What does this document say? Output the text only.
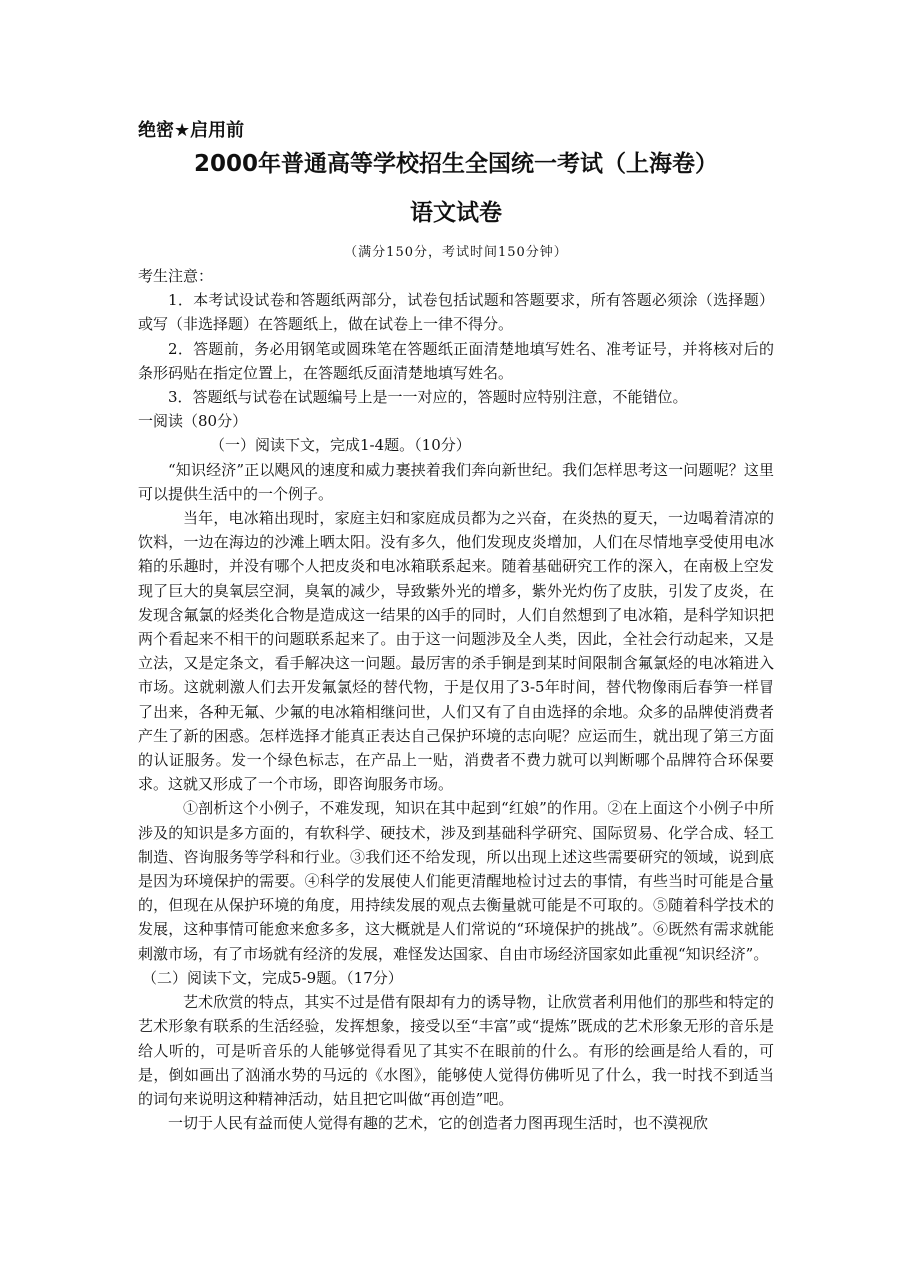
绝密★启用前
2000年普通高等学校招生全国统一考试（上海卷）
语文试卷
（满分150分，考试时间150分钟）

考生注意：

1．本考试设试卷和答题纸两部分，试卷包括试题和答题要求，所有答题必须涂（选择题）或写（非选择题）在答题纸上，做在试卷上一律不得分。

2．答题前，务必用钢笔或圆珠笔在答题纸正面清楚地填写姓名、准考证号，并将核对后的条形码贴在指定位置上，在答题纸反面清楚地填写姓名。

3．答题纸与试卷在试题编号上是一一对应的，答题时应特别注意，不能错位。

一阅读（80分）

（一）阅读下文，完成1-4题。（10分）

“知识经济”正以飓风的速度和威力裹挟着我们奔向新世纪。我们怎样思考这一问题呢？这里可以提供生活中的一个例子。

当年，电冰箱出现时，家庭主妇和家庭成员都为之兴奋，在炎热的夏天，一边喝着清凉的饮料，一边在海边的沙滩上晒太阳。没有多久，他们发现皮炎增加，人们在尽情地享受使用电冰箱的乐趣时，并没有哪个人把皮炎和电冰箱联系起来。随着基础研究工作的深入，在南极上空发现了巨大的臭氧层空洞，臭氧的减少，导致紫外光的增多，紫外光灼伤了皮肤，引发了皮炎，在发现含氟氯的烃类化合物是造成这一结果的凶手的同时，人们自然想到了电冰箱，是科学知识把两个看起来不相干的问题联系起来了。由于这一问题涉及全人类，因此，全社会行动起来，又是立法，又是定条文，看手解决这一问题。最厉害的杀手锏是到某时间限制含氟氯烃的电冰箱进入市场。这就刺激人们去开发氟氯烃的替代物，于是仅用了3-5年时间，替代物像雨后春笋一样冒了出来，各种无氟、少氟的电冰箱相继问世，人们又有了自由选择的余地。众多的品牌使消费者产生了新的困惑。怎样选择才能真正表达自己保护环境的志向呢？应运而生，就出现了第三方面的认证服务。发一个绿色标志，在产品上一贴，消费者不费力就可以判断哪个品牌符合环保要求。这就又形成了一个市场，即咨询服务市场。

①剖析这个小例子，不难发现，知识在其中起到“红娘”的作用。②在上面这个小例子中所涉及的知识是多方面的，有软科学、硬技术，涉及到基础科学研究、国际贸易、化学合成、轻工制造、咨询服务等学科和行业。③我们还不给发现，所以出现上述这些需要研究的领域，说到底是因为环境保护的需要。④科学的发展使人们能更清醒地检讨过去的事情，有些当时可能是合量的，但现在从保护环境的角度，用持续发展的观点去衡量就可能是不可取的。⑤随着科学技术的发展，这种事情可能愈来愈多多，这大概就是人们常说的“环境保护的挑战”。⑥既然有需求就能刺激市场，有了市场就有经济的发展，难怪发达国家、自由市场经济国家如此重视“知识经济”。

（二）阅读下文，完成5-9题。（17分）

艺术欣赏的特点，其实不过是借有限却有力的诱导物，让欣赏者利用他们的那些和特定的艺术形象有联系的生活经验，发挥想象，接受以至“丰富”或“提炼”既成的艺术形象无形的音乐是给人听的，可是听音乐的人能够觉得看见了其实不在眼前的什么。有形的绘画是给人看的，可是，倒如画出了汹涌水势的马远的《水图》，能够使人觉得仿佛听见了什么，我一时找不到适当的词句来说明这种精神活动，姑且把它叫做“再创造”吧。

一切于人民有益而使人觉得有趣的艺术，它的创造者力图再现生活时，也不漠视欣
